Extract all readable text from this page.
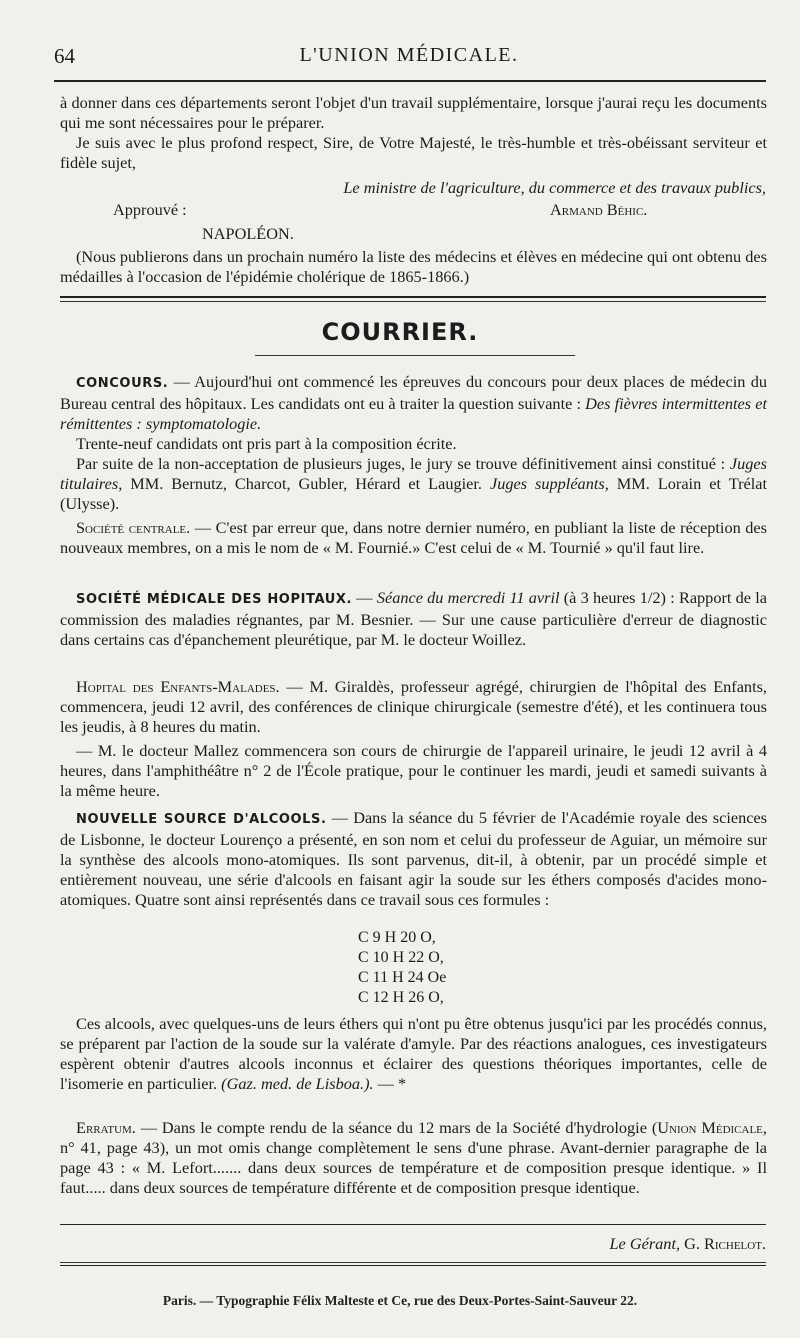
64	L'UNION MÉDICALE.

à donner dans ces départements seront l'objet d'un travail supplémentaire, lorsque j'aurai reçu les documents qui me sont nécessaires pour le préparer.

Je suis avec le plus profond respect, Sire, de Votre Majesté, le très-humble et très-obéissant serviteur et fidèle sujet,

Le ministre de l'agriculture, du commerce et des travaux publics,
Approuvé :	Armand Béhic.
NAPOLÉON.

(Nous publierons dans un prochain numéro la liste des médecins et élèves en médecine qui ont obtenu des médailles à l'occasion de l'épidémie cholérique de 1865-1866.)

COURRIER.

CONCOURS. — Aujourd'hui ont commencé les épreuves du concours pour deux places de médecin du Bureau central des hôpitaux. Les candidats ont eu à traiter la question suivante : Des fièvres intermittentes et rémittentes : symptomatologie.

Trente-neuf candidats ont pris part à la composition écrite.

Par suite de la non-acceptation de plusieurs juges, le jury se trouve définitivement ainsi constitué : Juges titulaires, MM. Bernutz, Charcot, Gubler, Hérard et Laugier. Juges suppléants, MM. Lorain et Trélat (Ulysse).

Société centrale. — C'est par erreur que, dans notre dernier numéro, en publiant la liste de réception des nouveaux membres, on a mis le nom de « M. Fournié.» C'est celui de « M. Tournié » qu'il faut lire.

SOCIÉTÉ MÉDICALE DES HOPITAUX. — Séance du mercredi 11 avril (à 3 heures 1/2) : Rapport de la commission des maladies régnantes, par M. Besnier. — Sur une cause particulière d'erreur de diagnostic dans certains cas d'épanchement pleurétique, par M. le docteur Woillez.

Hopital des Enfants-Malades. — M. Giraldès, professeur agrégé, chirurgien de l'hôpital des Enfants, commencera, jeudi 12 avril, des conférences de clinique chirurgicale (semestre d'été), et les continuera tous les jeudis, à 8 heures du matin.

— M. le docteur Mallez commencera son cours de chirurgie de l'appareil urinaire, le jeudi 12 avril à 4 heures, dans l'amphithéâtre n° 2 de l'École pratique, pour le continuer les mardi, jeudi et samedi suivants à la même heure.

NOUVELLE SOURCE D'ALCOOLS. — Dans la séance du 5 février de l'Académie royale des sciences de Lisbonne, le docteur Lourenço a présenté, en son nom et celui du professeur de Aguiar, un mémoire sur la synthèse des alcools mono-atomiques. Ils sont parvenus, dit-il, à obtenir, par un procédé simple et entièrement nouveau, une série d'alcools en faisant agir la soude sur les éthers composés d'acides mono-atomiques. Quatre sont ainsi représentés dans ce travail sous ces formules :

C 9 H 20 O,
C 10 H 22 O,
C 11 H 24 Oe
C 12 H 26 O,

Ces alcools, avec quelques-uns de leurs éthers qui n'ont pu être obtenus jusqu'ici par les procédés connus, se préparent par l'action de la soude sur la valérate d'amyle. Par des réactions analogues, ces investigateurs espèrent obtenir d'autres alcools inconnus et éclairer des questions théoriques importantes, celle de l'isomerie en particulier. (Gaz. med. de Lisboa.). — *

Erratum. — Dans le compte rendu de la séance du 12 mars de la Société d'hydrologie (Union Médicale, n° 41, page 43), un mot omis change complètement le sens d'une phrase. Avant-dernier paragraphe de la page 43 : « M. Lefort....... dans deux sources de température et de composition presque identique. » Il faut..... dans deux sources de température différente et de composition presque identique.

Le Gérant, G. Richelot.
Paris. — Typographie Félix Malteste et Ce, rue des Deux-Portes-Saint-Sauveur 22.
